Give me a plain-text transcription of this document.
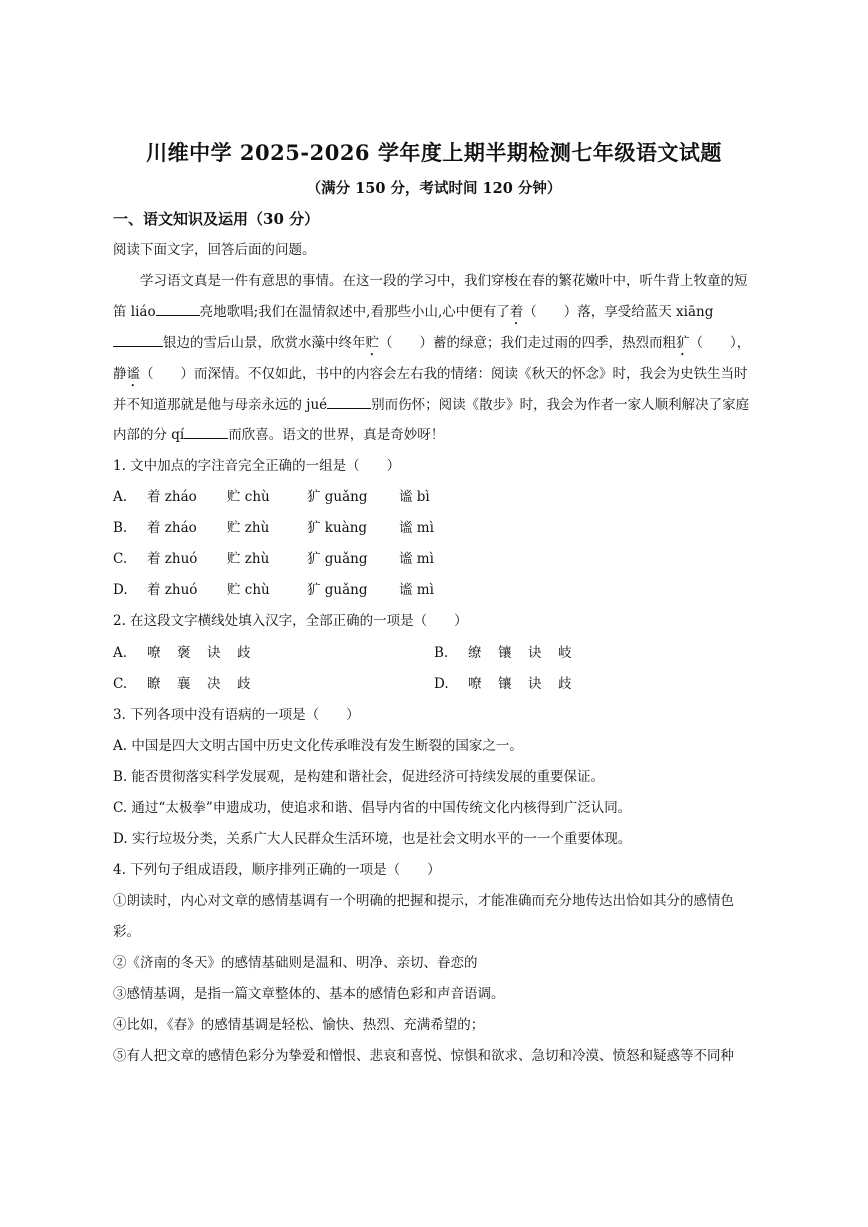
川维中学 2025-2026 学年度上期半期检测七年级语文试题
（满分 150 分，考试时间 120 分钟）
一、语文知识及运用（30 分）
阅读下面文字，回答后面的问题。
学习语文真是一件有意思的事情。在这一段的学习中，我们穿梭在春的繁花嫩叶中，听牛背上牧童的短笛 liáo	亮地歌唱;我们在温情叙述中,看那些小山,心中便有了着（　　）落，享受给蓝天 xiāng银边的雪后山景，欣赏水藻中终年贮（　　）蓄的绿意；我们走过雨的四季，热烈而粗犷（　　），静谧（　　）而深情。不仅如此，书中的内容会左右我的情绪：阅读《秋天的怀念》时，我会为史铁生当时并不知道那就是他与母亲永远的 jué	别而伤怀；阅读《散步》时，我会为作者一家人顺利解决了家庭内部的分 qí	而欣喜。语文的世界，真是奇妙呀！
1. 文中加点的字注音完全正确的一组是（　　）
A. 着 zháo 贮 chù	犷 guǎng 谧 bì
B. 着 zháo 贮 zhù	犷 kuàng 谧 mì
C. 着 zhuó 贮 zhù	犷 guǎng 谧 mì
D. 着 zhuó 贮 chù	犷 guǎng 谧 mì
2. 在这段文字横线处填入汉字，全部正确的一项是（　　）
A. 嘹 褒 诀 歧	B. 缭 镶 诀 岐
C. 瞭 襄 决 歧	D. 嘹 镶 诀 歧
3. 下列各项中没有语病的一项是（　　）
A. 中国是四大文明古国中历史文化传承唯没有发生断裂的国家之一。
B. 能否贯彻落实科学发展观，是构建和谐社会，促进经济可持续发展的重要保证。
C. 通过“太极拳”申遗成功，使追求和谐、倡导内省的中国传统文化内核得到广泛认同。
D. 实行垃圾分类，关系广大人民群众生活环境，也是社会文明水平的一一个重要体现。
4. 下列句子组成语段，顺序排列正确的一项是（　　）
①朗读时，内心对文章的感情基调有一个明确的把握和提示，才能准确而充分地传达出恰如其分的感情色
彩。
②《济南的冬天》的感情基础则是温和、明净、亲切、眷恋的
③感情基调，是指一篇文章整体的、基本的感情色彩和声音语调。
④比如，《春》的感情基调是轻松、愉快、热烈、充满希望的；
⑤有人把文章的感情色彩分为挚爱和憎恨、悲哀和喜悦、惊惧和欲求、急切和冷漠、愤怒和疑惑等不同种
